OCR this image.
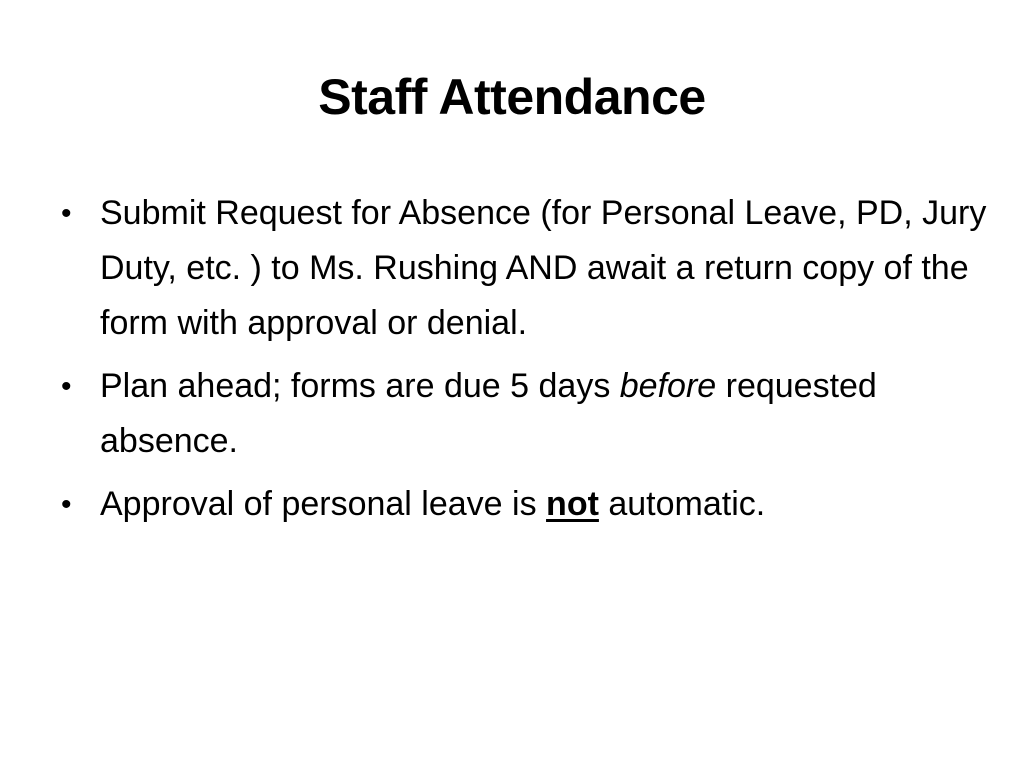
Staff Attendance
• Submit Request for Absence (for Personal Leave, PD, Jury Duty, etc. ) to Ms. Rushing AND await a return copy of the form with approval or denial.
• Plan ahead; forms are due 5 days before requested absence.
• Approval of personal leave is not automatic.
